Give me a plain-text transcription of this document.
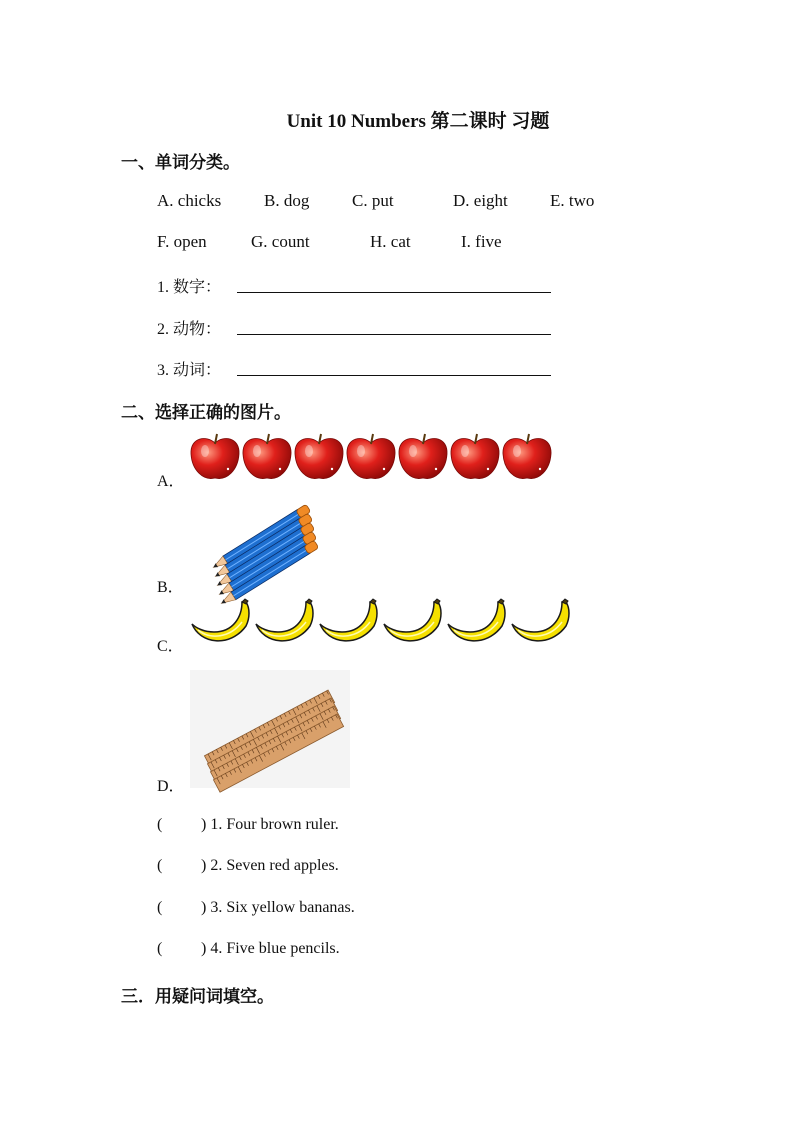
Unit 10 Numbers 第二课时 习题
一、单词分类。
A. chicks	B. dog	C. put	D. eight E. two
F. open	G. count	H. cat	I. five
1. 数字：
2. 动物：
3. 动词：
二、选择正确的图片。
A．
B．
C．
D．
( ) 1. Four brown ruler.
( ) 2. Seven red apples.
( ) 3. Six yellow bananas.
( ) 4. Five blue pencils.
三．用疑问词填空。
